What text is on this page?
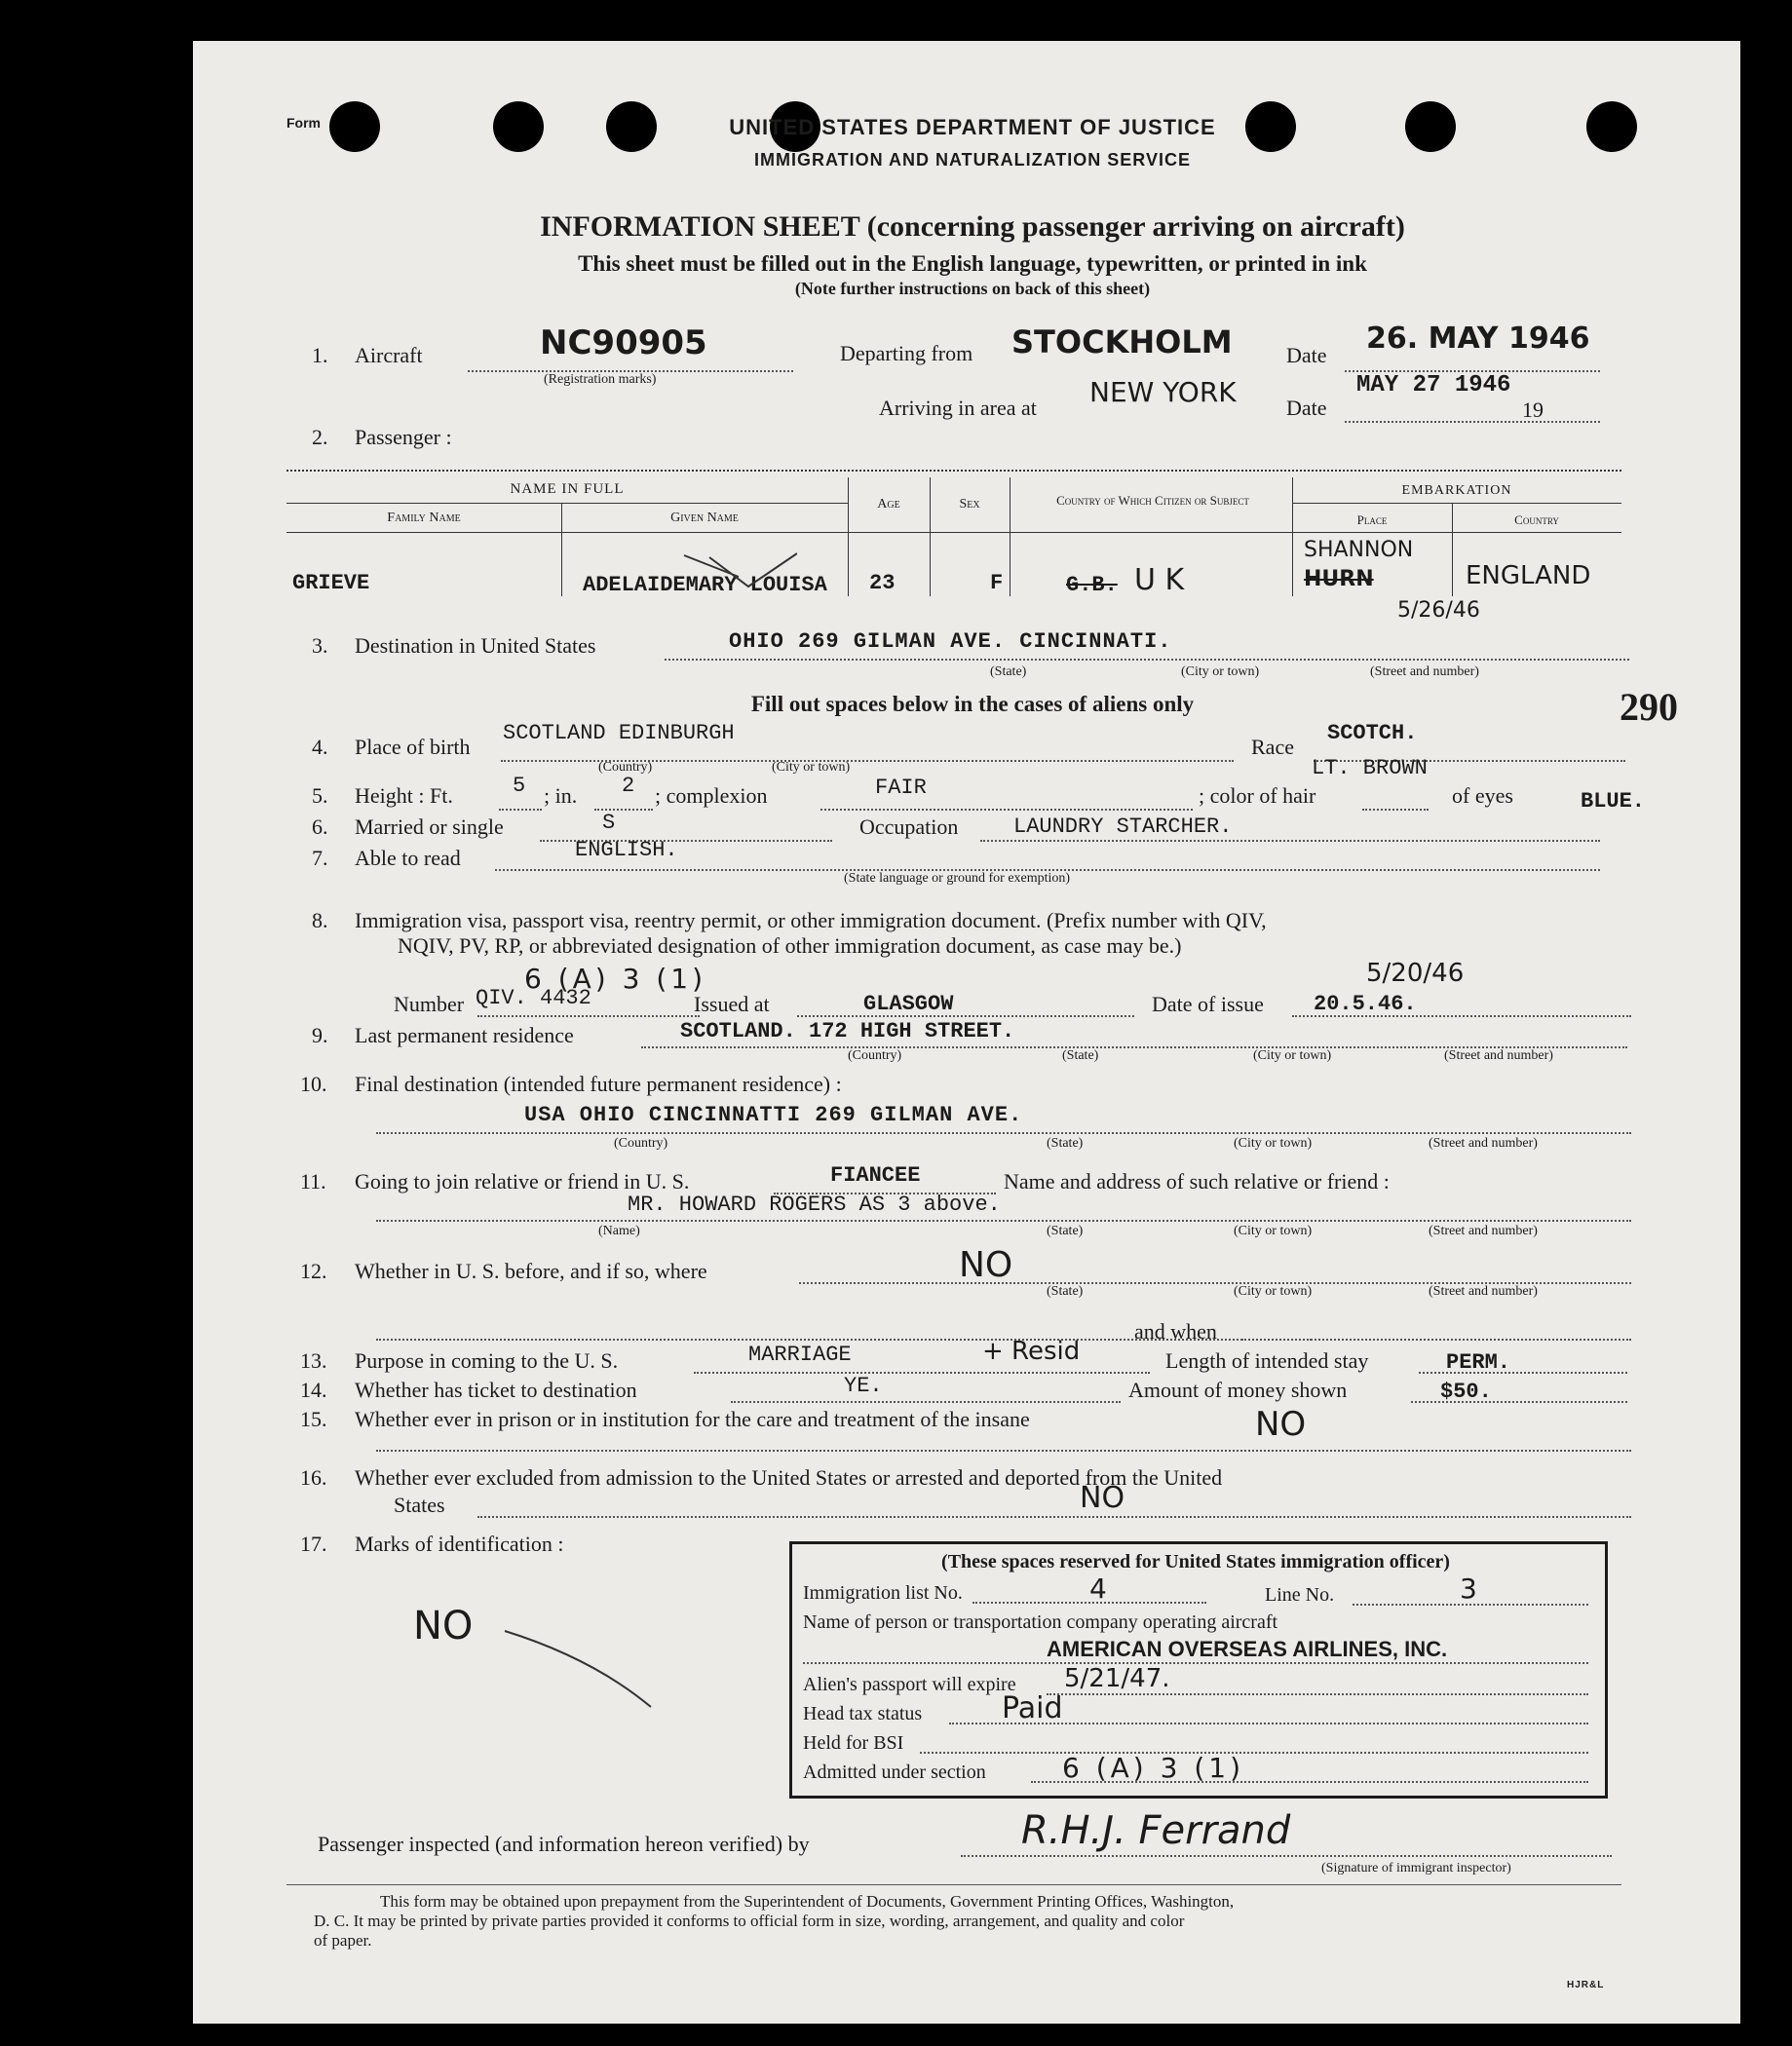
Form	UNITED STATES DEPARTMENT OF JUSTICE
IMMIGRATION AND NATURALIZATION SERVICE
INFORMATION SHEET (concerning passenger arriving on aircraft)
This sheet must be filled out in the English language, typewritten, or printed in ink
(Note further instructions on back of this sheet)
1. Aircraft	NC90905
(Registration marks)
Departing from STOCKHOLM	Date 26. MAY 1946
Arriving in area at NEW YORK Date
MAY 27 1946
19
2. Passenger :
NAME IN FULL
Family Name	Given Name
Age	Sex	Country of Which Citizen or Subject
EMBARKATION
Place	Country
GRIEVE	ADELAIDEMARY LOUISA 23	F	G.B. U K
SHANNON
HURN	ENGLAND
5/26/46
3. Destination in United States	OHIO 269 GILMAN AVE. CINCINNATI.
(State)	(City or town)	(Street and number)
Fill out spaces below in the cases of aliens only	290
4. Place of birth
SCOTLAND EDINBURGH
Race
SCOTCH.
(Country)	(City or town)
5. Height : Ft.	5 ; in. 2 ; complexion	FAIR	; color of hair
LT. BROWN
of eyes	BLUE.
6. Married or single	S	Occupation	LAUNDRY STARCHER.
7. Able to read	ENGLISH.
(State language or ground for exemption)
8. Immigration visa, passport visa, reentry permit, or other immigration document. (Prefix number with QIV,
NQIV, PV, RP, or abbreviated designation of other immigration document, as case may be.)
6 (A) 3 (1)	5/20/46
Number QIV. 4432	Issued at	GLASGOW	Date of issue 20.5.46.
9. Last permanent residence	SCOTLAND. 172 HIGH STREET.
(Country)	(State)	(City or town)	(Street and number)
10. Final destination (intended future permanent residence) :
USA OHIO CINCINNATTI 269 GILMAN AVE.
(Country)	(State)	(City or town)	(Street and number)
11. Going to join relative or friend in U. S.	FIANCEE	Name and address of such relative or friend :
MR. HOWARD ROGERS AS 3 above.
(Name)	(State)	(City or town)	(Street and number)
12. Whether in U. S. before, and if so, where	NO
(State)	(City or town)	(Street and number)
and when
13. Purpose in coming to the U. S.	MARRIAGE	+ Resid	Length of intended stay	PERM.
14. Whether has ticket to destination	YE.	Amount of money shown	$50.
15. Whether ever in prison or in institution for the care and treatment of the insane	NO
16. Whether ever excluded from admission to the United States or arrested and deported from the United
States	NO
17. Marks of identification :
NO
(These spaces reserved for United States immigration officer)
Immigration list No.	4	Line No.	3
Name of person or transportation company operating aircraft
AMERICAN OVERSEAS AIRLINES, INC.
Alien's passport will expire 5/21/47.
Head tax status	Paid
Held for BSI
Admitted under section	6 (A) 3 (1)
Passenger inspected (and information hereon verified) by	R.H.J. Ferrand
(Signature of immigrant inspector)
This form may be obtained upon prepayment from the Superintendent of Documents, Government Printing Offices, Washington,
D. C. It may be printed by private parties provided it conforms to official form in size, wording, arrangement, and quality and color
of paper.
HJR&L
